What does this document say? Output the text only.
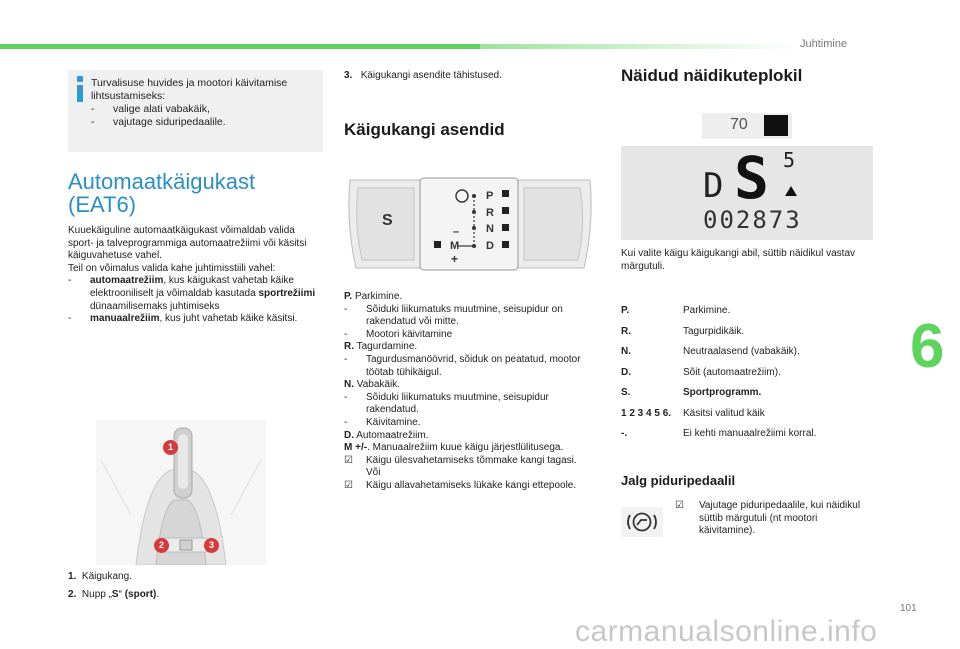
Juhtimine
Turvalisuse huvides ja mootori käivitamise lihtsustamiseks:
-	valige alati vabakäik,
-	vajutage siduripedaalile.
Automaatkäigukast
(EAT6)
Kuuekäiguline automaatkäigukast võimaldab valida sport- ja talveprogrammiga automaatrežiimi või käsitsi käiguvahetuse vahel.
Teil on võimalus valida kahe juhtimisstiili vahel:
-	automaatrežiim, kus käigukast vahetab käike elektrooniliselt ja võimaldab kasutada sportrežiimi dünaamilisemaks juhtimiseks
-	manuaalrežiim, kus juht vahetab käike käsitsi.
1
2	3
1. Käigukang.
2. Nupp „S“ (sport).
3. Käigukangi asendite tähistused.
Käigukangi asendid
S
P
R
N
D
–
M
+
P. Parkimine.
-	Sõiduki liikumatuks muutmine, seisupidur on rakendatud või mitte.
-	Mootori käivitamine
R. Tagurdamine.
-	Tagurdusmanöövrid, sõiduk on peatatud, mootor töötab tühikäigul.
N. Vabakäik.
-	Sõiduki liikumatuks muutmine, seisupidur rakendatud.
-	Käivitamine.
D. Automaatrežiim.
M +/-. Manuaalrežiim kuue käigu järjestlülitusega.
☑	Käigu ülesvahetamiseks tõmmake kangi tagasi.
Või
☑	Käigu allavahetamiseks lükake kangi ettepoole.
Näidud näidikuteplokil
70
D S 5
002873
Kui valite käigu käigukangi abil, süttib näidikul vastav märgutuli.
P.	Parkimine.
R.	Tagurpidikäik.
N.	Neutraalasend (vabakäik).
D.	Sõit (automaatrežiim).
S.	Sportprogramm.
1 2 3 4 5 6.	Käsitsi valitud käik
-.	Ei kehti manuaalrežiimi korral.
Jalg piduripedaalil
☑	Vajutage piduripedaalile, kui näidikul süttib märgutuli (nt mootori käivitamine).
6
101
carmanualsonline.info
